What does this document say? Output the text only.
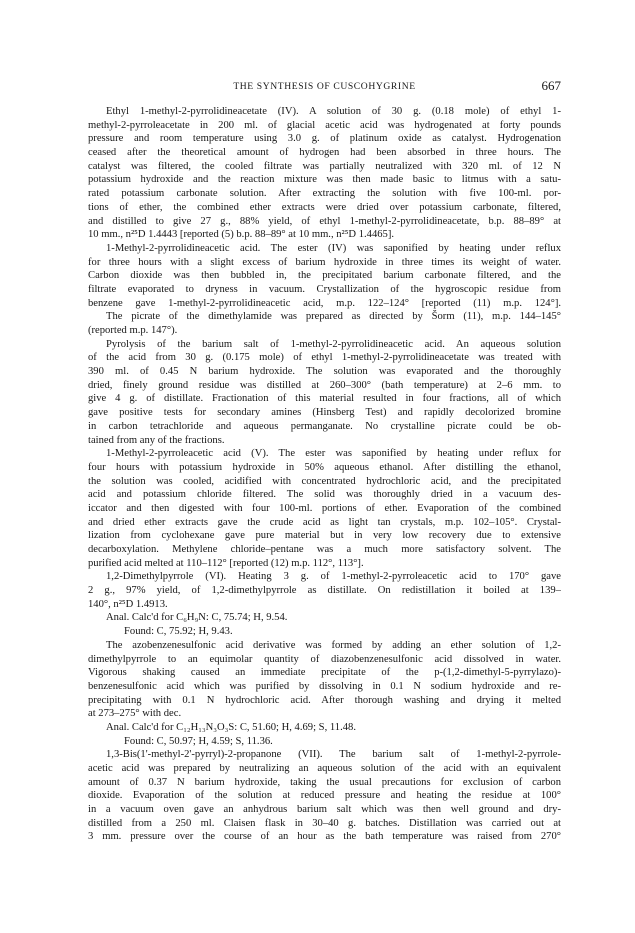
THE SYNTHESIS OF CUSCOHYGRINE	667
Ethyl 1-methyl-2-pyrrolidineacetate (IV). A solution of 30 g. (0.18 mole) of ethyl 1-
methyl-2-pyrroleacetate in 200 ml. of glacial acetic acid was hydrogenated at forty pounds
pressure and room temperature using 3.0 g. of platinum oxide as catalyst. Hydrogenation
ceased after the theoretical amount of hydrogen had been absorbed in three hours. The
catalyst was filtered, the cooled filtrate was partially neutralized with 320 ml. of 12 N
potassium hydroxide and the reaction mixture was then made basic to litmus with a satu-
rated potassium carbonate solution. After extracting the solution with five 100-ml. por-
tions of ether, the combined ether extracts were dried over potassium carbonate, filtered,
and distilled to give 27 g., 88% yield, of ethyl 1-methyl-2-pyrrolidineacetate, b.p. 88–89° at
10 mm., n²⁵D 1.4443 [reported (5) b.p. 88–89° at 10 mm., n²⁵D 1.4465].
1-Methyl-2-pyrrolidineacetic acid. The ester (IV) was saponified by heating under reflux
for three hours with a slight excess of barium hydroxide in three times its weight of water.
Carbon dioxide was then bubbled in, the precipitated barium carbonate filtered, and the
filtrate evaporated to dryness in vacuum. Crystallization of the hygroscopic residue from
benzene gave 1-methyl-2-pyrrolidineacetic acid, m.p. 122–124° [reported (11) m.p. 124°].
The picrate of the dimethylamide was prepared as directed by Šorm (11), m.p. 144–145°
(reported m.p. 147°).
Pyrolysis of the barium salt of 1-methyl-2-pyrrolidineacetic acid. An aqueous solution
of the acid from 30 g. (0.175 mole) of ethyl 1-methyl-2-pyrrolidineacetate was treated with
390 ml. of 0.45 N barium hydroxide. The solution was evaporated and the thoroughly
dried, finely ground residue was distilled at 260–300° (bath temperature) at 2–6 mm. to
give 4 g. of distillate. Fractionation of this material resulted in four fractions, all of which
gave positive tests for secondary amines (Hinsberg Test) and rapidly decolorized bromine
in carbon tetrachloride and aqueous permanganate. No crystalline picrate could be ob-
tained from any of the fractions.
1-Methyl-2-pyrroleacetic acid (V). The ester was saponified by heating under reflux for
four hours with potassium hydroxide in 50% aqueous ethanol. After distilling the ethanol,
the solution was cooled, acidified with concentrated hydrochloric acid, and the precipitated
acid and potassium chloride filtered. The solid was thoroughly dried in a vacuum des-
iccator and then digested with four 100-ml. portions of ether. Evaporation of the combined
and dried ether extracts gave the crude acid as light tan crystals, m.p. 102–105°. Crystal-
lization from cyclohexane gave pure material but in very low recovery due to extensive
decarboxylation. Methylene chloride–pentane was a much more satisfactory solvent. The
purified acid melted at 110–112° [reported (12) m.p. 112°, 113°].
1,2-Dimethylpyrrole (VI). Heating 3 g. of 1-methyl-2-pyrroleacetic acid to 170° gave
2 g., 97% yield, of 1,2-dimethylpyrrole as distillate. On redistillation it boiled at 139–
140°, n²⁵D 1.4913.
Anal. Calc'd for C₆H₉N: C, 75.74; H, 9.54.
Found: C, 75.92; H, 9.43.
The azobenzenesulfonic acid derivative was formed by adding an ether solution of 1,2-
dimethylpyrrole to an equimolar quantity of diazobenzenesulfonic acid dissolved in water.
Vigorous shaking caused an immediate precipitate of the p-(1,2-dimethyl-5-pyrrylazo)-
benzenesulfonic acid which was purified by dissolving in 0.1 N sodium hydroxide and re-
precipitating with 0.1 N hydrochloric acid. After thorough washing and drying it melted
at 273–275° with dec.
Anal. Calc'd for C₁₂H₁₃N₃O₃S: C, 51.60; H, 4.69; S, 11.48.
Found: C, 50.97; H, 4.59; S, 11.36.
1,3-Bis(1'-methyl-2'-pyrryl)-2-propanone (VII). The barium salt of 1-methyl-2-pyrrole-
acetic acid was prepared by neutralizing an aqueous solution of the acid with an equivalent
amount of 0.37 N barium hydroxide, taking the usual precautions for exclusion of carbon
dioxide. Evaporation of the solution at reduced pressure and heating the residue at 100°
in a vacuum oven gave an anhydrous barium salt which was then well ground and dry-
distilled from a 250 ml. Claisen flask in 30–40 g. batches. Distillation was carried out at
3 mm. pressure over the course of an hour as the bath temperature was raised from 270°
